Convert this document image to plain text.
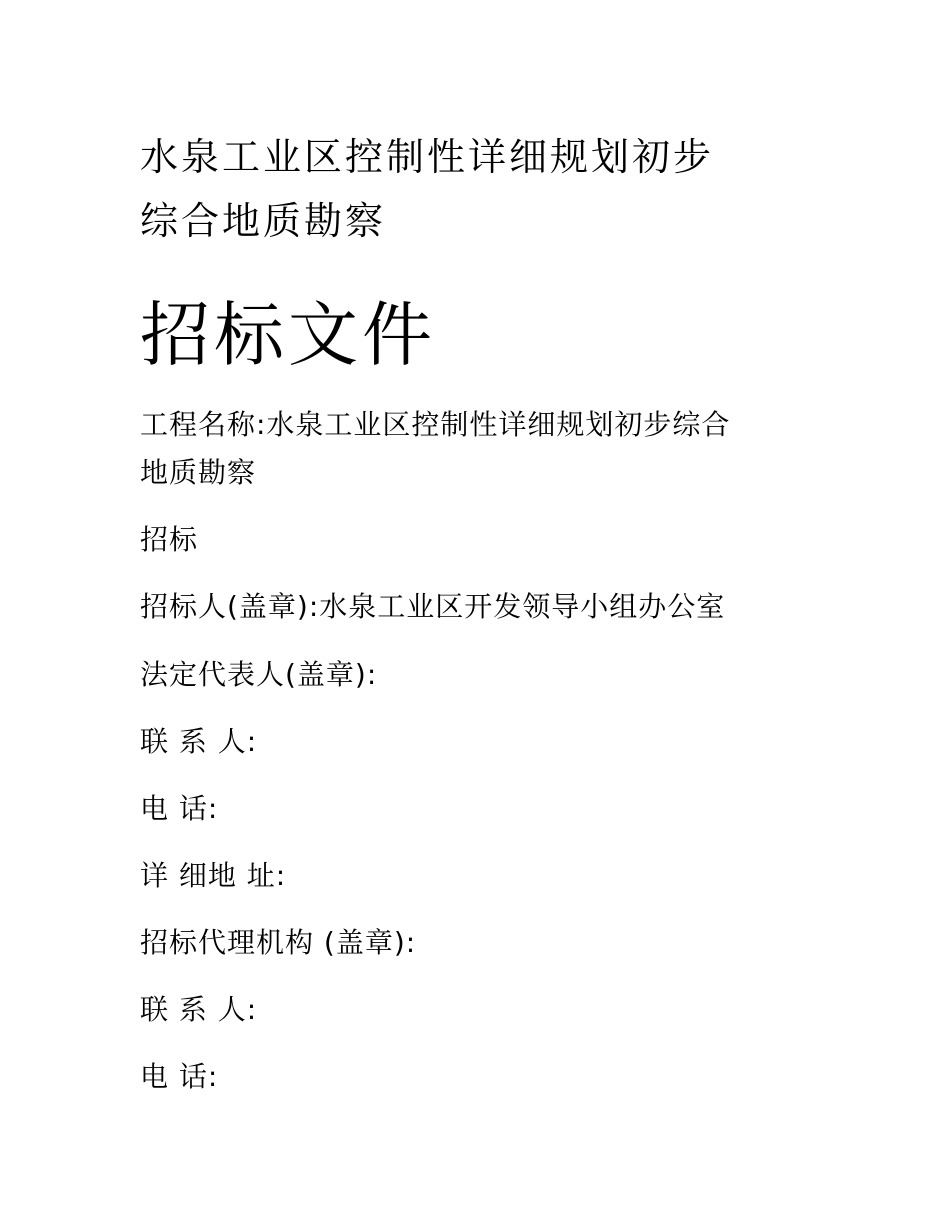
水泉工业区控制性详细规划初步
综合地质勘察
招标文件
工程名称:水泉工业区控制性详细规划初步综合
地质勘察
招标
招标人(盖章):水泉工业区开发领导小组办公室
法定代表人(盖章):
联 系 人:
电 话:
详 细地 址:
招标代理机构 (盖章):
联 系 人:
电 话:
